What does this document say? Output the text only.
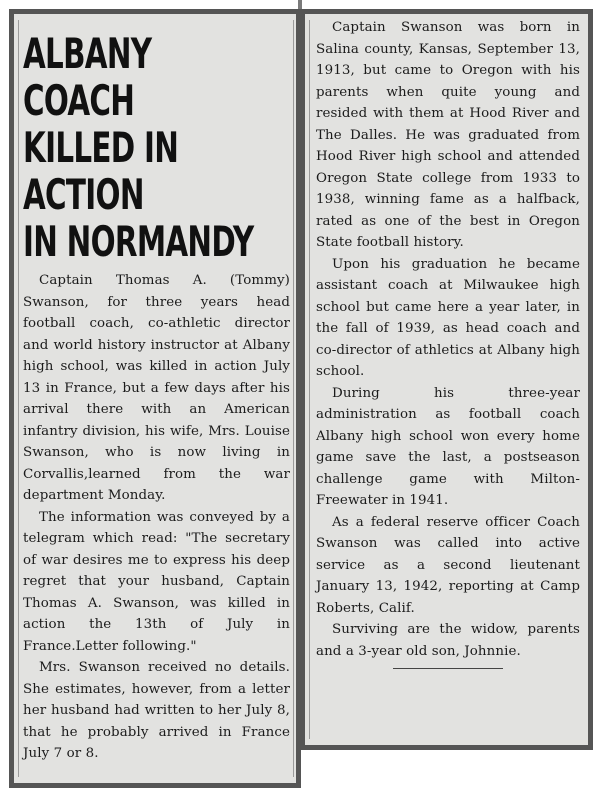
ALBANY COACH
KILLED IN ACTION
IN NORMANDY

Captain Thomas A. (Tommy) Swanson, for three years head football coach, co-athletic director and world history instructor at Albany high school, was killed in action July 13 in France, but a few days after his arrival there with an American infantry division, his wife, Mrs. Louise Swanson, who is now living in Corvallis,learned from the war department Monday.

The information was conveyed by a telegram which read: "The secretary of war desires me to express his deep regret that your husband, Captain Thomas A. Swanson, was killed in action the 13th of July in France.Letter following."

Mrs. Swanson received no details. She estimates, however, from a letter her husband had written to her July 8, that he probably arrived in France July 7 or 8.

Captain Swanson was born in Salina county, Kansas, September 13, 1913, but came to Oregon with his parents when quite young and resided with them at Hood River and The Dalles. He was graduated from Hood River high school and attended Oregon State college from 1933 to 1938, winning fame as a halfback, rated as one of the best in Oregon State football history.

Upon his graduation he became assistant coach at Milwaukee high school but came here a year later, in the fall of 1939, as head coach and co-director of athletics at Albany high school.

During his three-year administration as football coach Albany high school won every home game save the last, a postseason challenge game with Milton-Freewater in 1941.

As a federal reserve officer Coach Swanson was called into active service as a second lieutenant January 13, 1942, reporting at Camp Roberts, Calif.

Surviving are the widow, parents and a 3-year old son, Johnnie.
